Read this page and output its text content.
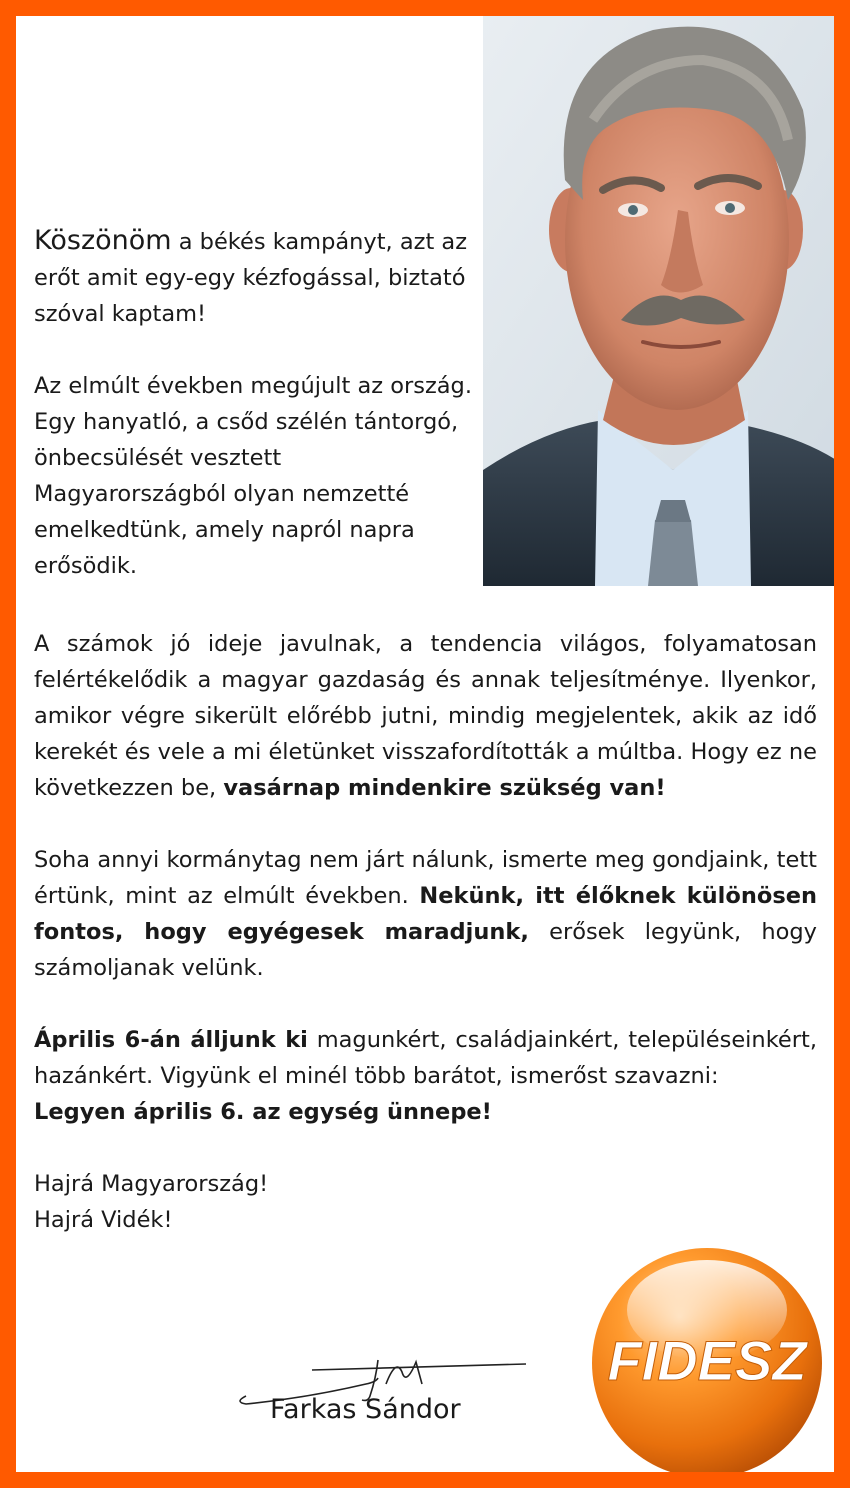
Köszönöm a békés kampányt, azt az erőt amit egy-egy kézfogással, biztató szóval kaptam!

Az elmúlt években megújult az ország. Egy hanyatló, a csőd szélén tántorgó, önbecsülését vesztett Magyarországból olyan nemzetté emelkedtünk, amely napról napra erősödik.

A számok jó ideje javulnak, a tendencia világos, folyamatosan felértékelődik a magyar gazdaság és annak teljesítménye. Ilyenkor, amikor végre sikerült előrébb jutni, mindig megjelentek, akik az idő kerekét és vele a mi életünket visszafordították a múltba. Hogy ez ne következzen be, vasárnap mindenkire szükség van!

Soha annyi kormánytag nem járt nálunk, ismerte meg gondjaink, tett értünk, mint az elmúlt években. Nekünk, itt élőknek különösen fontos, hogy egyégesek maradjunk, erősek legyünk, hogy számoljanak velünk.

Április 6-án álljunk ki magunkért, családjainkért, településeinkért, hazánkért. Vigyünk el minél több barátot, ismerőst szavazni:

Legyen április 6. az egység ünnepe!

Hajrá Magyarország!

Hajrá Vidék!

Farkas Sándor
FIDESZ
